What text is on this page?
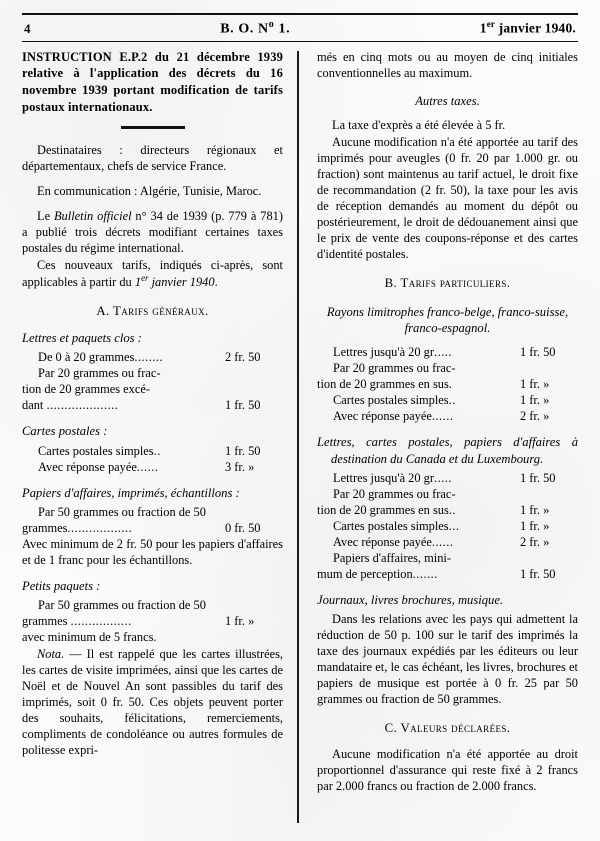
4	B. O. $N^o$ 1.	1er janvier 1940.
INSTRUCTION E.P.2 du 21 décembre 1939 relative à l'application des décrets du 16 novembre 1939 portant modification de tarifs postaux internationaux.

Destinataires : directeurs régionaux et départementaux, chefs de service France.

En communication : Algérie, Tunisie, Maroc.

Le Bulletin officiel n° 34 de 1939 (p. 779 à 781) a publié trois décrets modifiant certaines taxes postales du régime international.

Ces nouveaux tarifs, indiqués ci-après, sont applicables à partir du 1er janvier 1940.

A. Tarifs généraux.
Lettres et paquets clos :
De 0 à 20 grammes........	2 fr. 50
Par 20 grammes ou frac-
tion de 20 grammes excé-
dant ....................	1 fr. 50
Cartes postales :
Cartes postales simples..	1 fr. 50
Avec réponse payée......	3 fr. »
Papiers d'affaires, imprimés, échantillons :
Par 50 grammes ou fraction de 50
grammes..................	0 fr. 50

Avec minimum de 2 fr. 50 pour les papiers d'affaires et de 1 franc pour les échantillons.

Petits paquets :
Par 50 grammes ou fraction de 50
grammes .................	1 fr. »

avec minimum de 5 francs.

Nota. — Il est rappelé que les cartes illustrées, les cartes de visite imprimées, ainsi que les cartes de Noël et de Nouvel An sont passibles du tarif des imprimés, soit 0 fr. 50. Ces objets peuvent porter des souhaits, félicitations, remerciements, compliments de condoléance ou autres formules de politesse expri-

més en cinq mots ou au moyen de cinq initiales conventionnelles au maximum.

Autres taxes.

La taxe d'exprès a été élevée à 5 fr.

Aucune modification n'a été apportée au tarif des imprimés pour aveugles (0 fr. 20 par 1.000 gr. ou fraction) sont maintenus au tarif actuel, le droit fixe de recommandation (2 fr. 50), la taxe pour les avis de réception demandés au moment du dépôt ou postérieurement, le droit de dédouanement ainsi que le prix de vente des coupons-réponse et des cartes d'identité postales.

B. Tarifs particuliers.
Rayons limitrophes franco-belge, franco-suisse, franco-espagnol.
Lettres jusqu'à 20 gr.....	1 fr. 50
Par 20 grammes ou frac-
tion de 20 grammes en sus.	1 fr. »
Cartes postales simples..	1 fr. »
Avec réponse payée......	2 fr. »
Lettres, cartes postales, papiers d'affaires à destination du Canada et du Luxembourg.
Lettres jusqu'à 20 gr.....	1 fr. 50
Par 20 grammes ou frac-
tion de 20 grammes en sus..	1 fr. »
Cartes postales simples...	1 fr. »
Avec réponse payée......	2 fr. »
Papiers d'affaires, mini-
mum de perception.......	1 fr. 50
Journaux, livres brochures, musique.

Dans les relations avec les pays qui admettent la réduction de 50 p. 100 sur le tarif des imprimés la taxe des journaux expédiés par les éditeurs ou leur mandataire et, le cas échéant, les livres, brochures et papiers de musique est portée à 0 fr. 25 par 50 grammes ou fraction de 50 grammes.

C. Valeurs déclarées.

Aucune modification n'a été apportée au droit proportionnel d'assurance qui reste fixé à 2 francs par 2.000 francs ou fraction de 2.000 francs.
